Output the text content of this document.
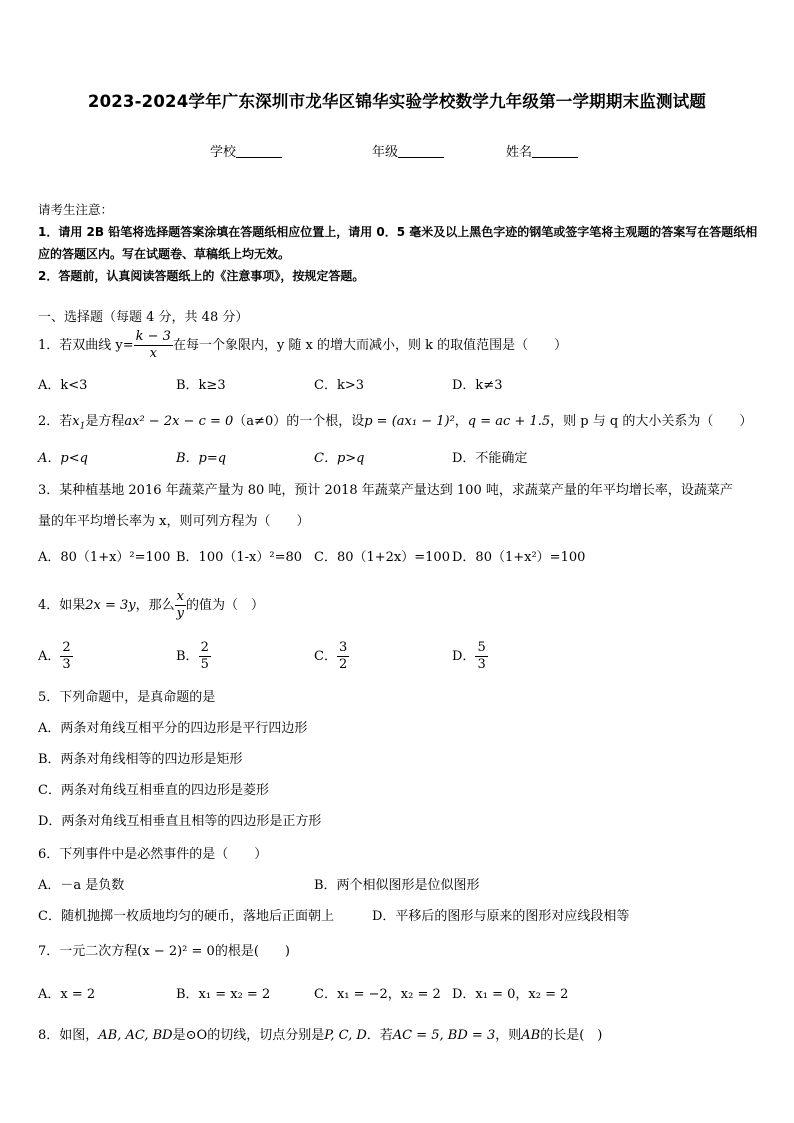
2023-2024学年广东深圳市龙华区锦华实验学校数学九年级第一学期期末监测试题
学校	年级	姓名
请考生注意：
1．请用 2B 铅笔将选择题答案涂填在答题纸相应位置上，请用 0．5 毫米及以上黑色字迹的钢笔或签字笔将主观题的答案写在答题纸相应的答题区内。写在试题卷、草稿纸上均无效。
2．答题前，认真阅读答题纸上的《注意事项》，按规定答题。
一、选择题（每题 4 分，共 48 分）
1．若双曲线 $y= \frac{k - 3}{x}$ 在每一个象限内，y 随 x 的增大而减小，则 k 的取值范围是（　　）
A．k<3	B．k≥3	C．k>3	D．k≠3
2．若$x_1$是方程ax² − 2x − c = 0（a≠0）的一个根，设p = (ax₁ − 1)²，q = ac + 1.5，则 p 与 q 的大小关系为（　　）
A．p<q	B．p=q	C．p>q	D．不能确定
3．某种植基地 2016 年蔬菜产量为 80 吨，预计 2018 年蔬菜产量达到 100 吨，求蔬菜产量的年平均增长率，设蔬菜产
量的年平均增长率为 x，则可列方程为（　　）
A．80（1+x）²=100 B．100（1-x）²=80 C．80（1+2x）=100 D．80（1+x²）=100
4．如果2x = 3y，那么 $\frac{x}{y}$ 的值为（　）
A． $\frac{2}{3}$	B． $\frac{2}{5}$	C． $\frac{3}{2}$	D． $\frac{5}{3}$
5．下列命题中，是真命题的是
A．两条对角线互相平分的四边形是平行四边形
B．两条对角线相等的四边形是矩形
C．两条对角线互相垂直的四边形是菱形
D．两条对角线互相垂直且相等的四边形是正方形
6．下列事件中是必然事件的是（　　）
A．－a 是负数	B．两个相似图形是位似图形
C．随机抛掷一枚质地均匀的硬币，落地后正面朝上	D．平移后的图形与原来的图形对应线段相等
7．一元二次方程(x − 2)² = 0的根是(　　)
A．x = 2	B．x₁ = x₂ = 2	C．x₁ = −2，x₂ = 2 D．x₁ = 0，x₂ = 2
8．如图，AB, AC, BD是⊙O的切线，切点分别是P, C, D．若AC = 5, BD = 3，则AB的长是(　)
